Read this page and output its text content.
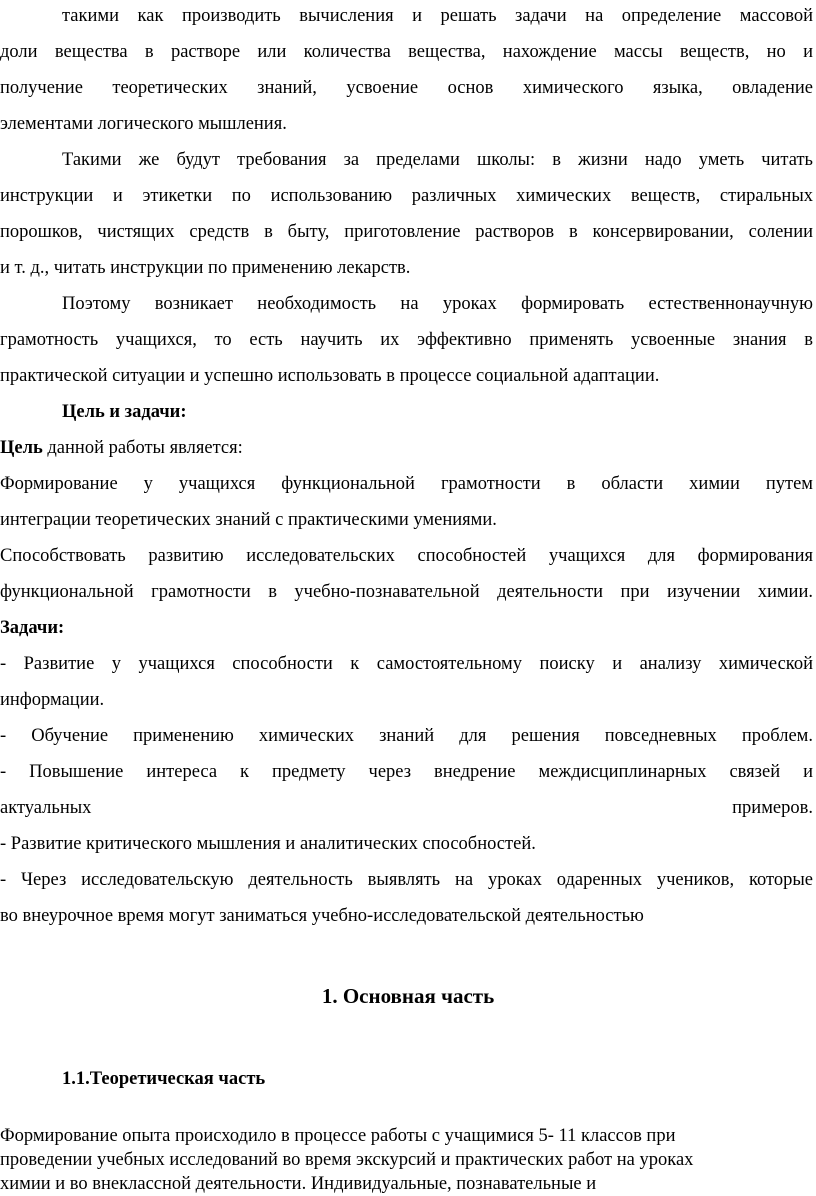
такими как производить вычисления и решать задачи на определение массовой

доли вещества в растворе или количества вещества, нахождение массы веществ, но и

получение теоретических знаний, усвоение основ химического языка, овладение

элементами логического мышления.

Такими же будут требования за пределами школы: в жизни надо уметь читать

инструкции и этикетки по использованию различных химических веществ, стиральных

порошков, чистящих средств в быту, приготовление растворов в консервировании, солении

и т. д., читать инструкции по применению лекарств.

Поэтому возникает необходимость на уроках формировать естественнонаучную

грамотность учащихся, то есть научить их эффективно применять усвоенные знания в

практической ситуации и успешно использовать в процессе социальной адаптации.

Цель и задачи:

Цель данной работы является:

Формирование у учащихся функциональной грамотности в области химии путем

интеграции теоретических знаний с практическими умениями.

Способствовать развитию исследовательских способностей учащихся для формирования

функциональной грамотности в учебно-познавательной деятельности при изучении химии.

Задачи:

- Развитие у учащихся способности к самостоятельному поиску и анализу химической

информации.

- Обучение применению химических знаний для решения повседневных проблем.

- Повышение интереса к предмету через внедрение междисциплинарных связей и

актуальных	примеров.

- Развитие критического мышления и аналитических способностей.

- Через исследовательскую деятельность выявлять на уроках одаренных учеников, которые

во внеурочное время могут заниматься учебно-исследовательской деятельностью

1. Основная часть
1.1.Теоретическая часть

Формирование опыта происходило в процессе работы с учащимися 5- 11 классов при

проведении учебных исследований во время экскурсий и практических работ на уроках

химии и во внеклассной деятельности. Индивидуальные, познавательные и
